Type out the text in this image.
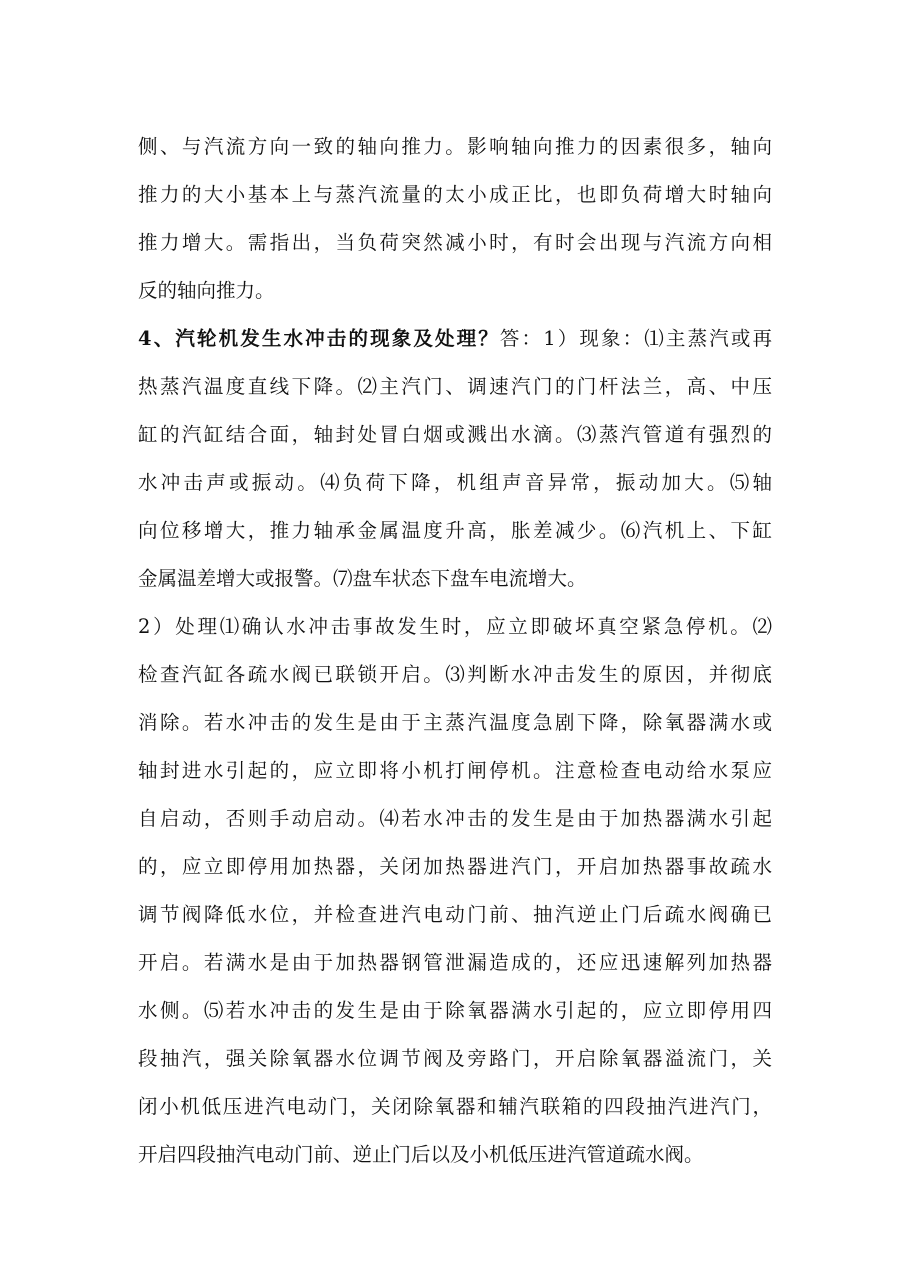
侧、与汽流方向一致的轴向推力。影响轴向推力的因素很多，轴向
推力的大小基本上与蒸汽流量的太小成正比，也即负荷增大时轴向
推力增大。需指出，当负荷突然减小时，有时会出现与汽流方向相
反的轴向推力。
4、汽轮机发生水冲击的现象及处理？答：1）现象：⑴主蒸汽或再
热蒸汽温度直线下降。⑵主汽门、调速汽门的门杆法兰，高、中压
缸的汽缸结合面，轴封处冒白烟或溅出水滴。⑶蒸汽管道有强烈的
水冲击声或振动。⑷负荷下降，机组声音异常，振动加大。⑸轴
向位移增大，推力轴承金属温度升高，胀差减少。⑹汽机上、下缸
金属温差增大或报警。⑺盘车状态下盘车电流增大。
2）处理⑴确认水冲击事故发生时，应立即破坏真空紧急停机。⑵
检查汽缸各疏水阀已联锁开启。⑶判断水冲击发生的原因，并彻底
消除。若水冲击的发生是由于主蒸汽温度急剧下降，除氧器满水或
轴封进水引起的，应立即将小机打闸停机。注意检查电动给水泵应
自启动，否则手动启动。⑷若水冲击的发生是由于加热器满水引起
的，应立即停用加热器，关闭加热器进汽门，开启加热器事故疏水
调节阀降低水位，并检查进汽电动门前、抽汽逆止门后疏水阀确已
开启。若满水是由于加热器钢管泄漏造成的，还应迅速解列加热器
水侧。⑸若水冲击的发生是由于除氧器满水引起的，应立即停用四
段抽汽，强关除氧器水位调节阀及旁路门，开启除氧器溢流门，关
闭小机低压进汽电动门，关闭除氧器和辅汽联箱的四段抽汽进汽门，
开启四段抽汽电动门前、逆止门后以及小机低压进汽管道疏水阀。
